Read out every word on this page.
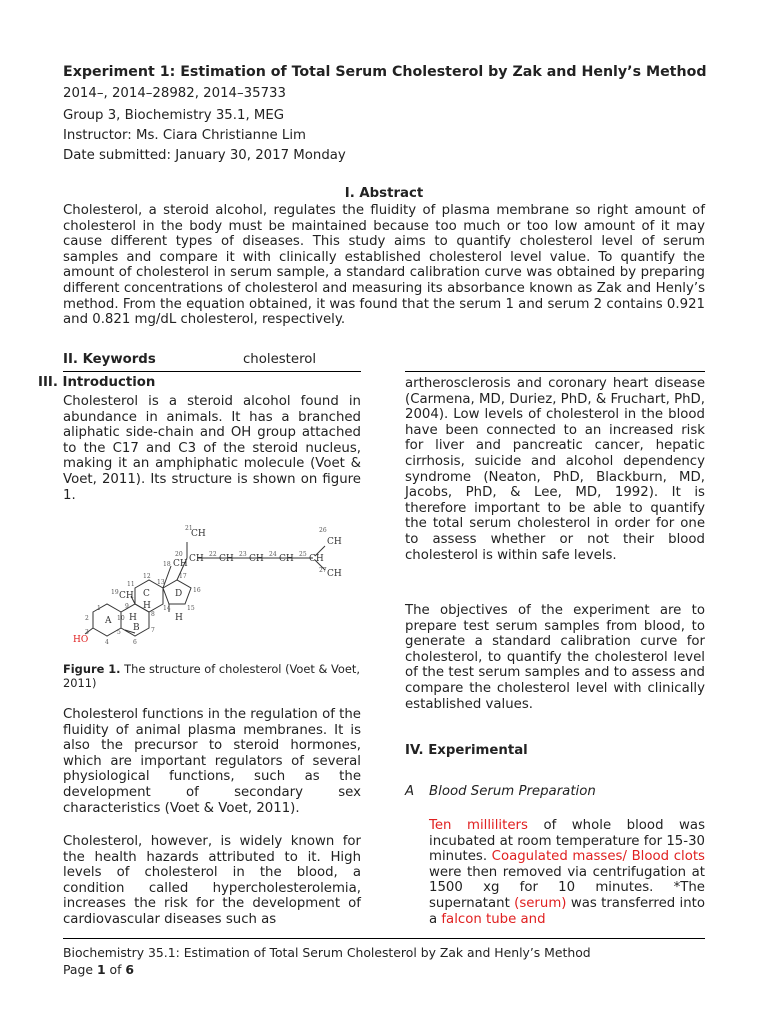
Experiment 1: Estimation of Total Serum Cholesterol by Zak and Henly’s Method
2014–, 2014–28982, 2014–35733
Group 3, Biochemistry 35.1, MEG
Instructor: Ms. Ciara Christianne Lim
Date submitted: January 30, 2017 Monday
I. Abstract
Cholesterol, a steroid alcohol, regulates the fluidity of plasma membrane so right amount of cholesterol in the body must be maintained because too much or too low amount of it may cause different types of diseases. This study aims to quantify cholesterol level of serum samples and compare it with clinically established cholesterol level value. To quantify the amount of cholesterol in serum sample, a standard calibration curve was obtained by preparing different concentrations of cholesterol and measuring its absorbance known as Zak and Henly’s method. From the equation obtained, it was found that the serum 1 and serum 2 contains 0.921 and 0.821 mg/dL cholesterol, respectively.
II. Keywords	cholesterol
III. Introduction
Cholesterol is a steroid alcohol found in abundance in animals. It has a branched aliphatic side-chain and OH group attached to the C17 and C3 of the steroid nucleus, making it an amphiphatic molecule (Voet & Voet, 2011). Its structure is shown on figure 1.
HO
A
B
C	D
H
H	H
CH
CH CH CH CH CH
CH
CH
CH
CH
21
20	22	23	24	25
26
27
18
19
1
2
3
4
5
6
7
8
9
10
11
12
13
14	15
16
17
Figure 1. The structure of cholesterol (Voet & Voet, 2011)
Cholesterol functions in the regulation of the fluidity of animal plasma membranes. It is also the precursor to steroid hormones, which are important regulators of several physiological functions, such as the development of secondary sex characteristics (Voet & Voet, 2011).
Cholesterol, however, is widely known for the health hazards attributed to it. High levels of cholesterol in the blood, a condition called hypercholesterolemia, increases the risk for the development of cardiovascular diseases such as
artherosclerosis and coronary heart disease (Carmena, MD, Duriez, PhD, & Fruchart, PhD, 2004). Low levels of cholesterol in the blood have been connected to an increased risk for liver and pancreatic cancer, hepatic cirrhosis, suicide and alcohol dependency syndrome (Neaton, PhD, Blackburn, MD, Jacobs, PhD, & Lee, MD, 1992). It is therefore important to be able to quantify the total serum cholesterol in order for one to assess whether or not their blood cholesterol is within safe levels.
The objectives of the experiment are to prepare test serum samples from blood, to generate a standard calibration curve for cholesterol, to quantify the cholesterol level of the test serum samples and to assess and compare the cholesterol level with clinically established values.
IV. Experimental
A Blood Serum Preparation
Ten milliliters of whole blood was incubated at room temperature for 15-30 minutes. Coagulated masses/ Blood clots were then removed via centrifugation at 1500 xg for 10 minutes. *The supernatant (serum) was transferred into a falcon tube and
Biochemistry 35.1: Estimation of Total Serum Cholesterol by Zak and Henly’s Method
Page 1 of 6
